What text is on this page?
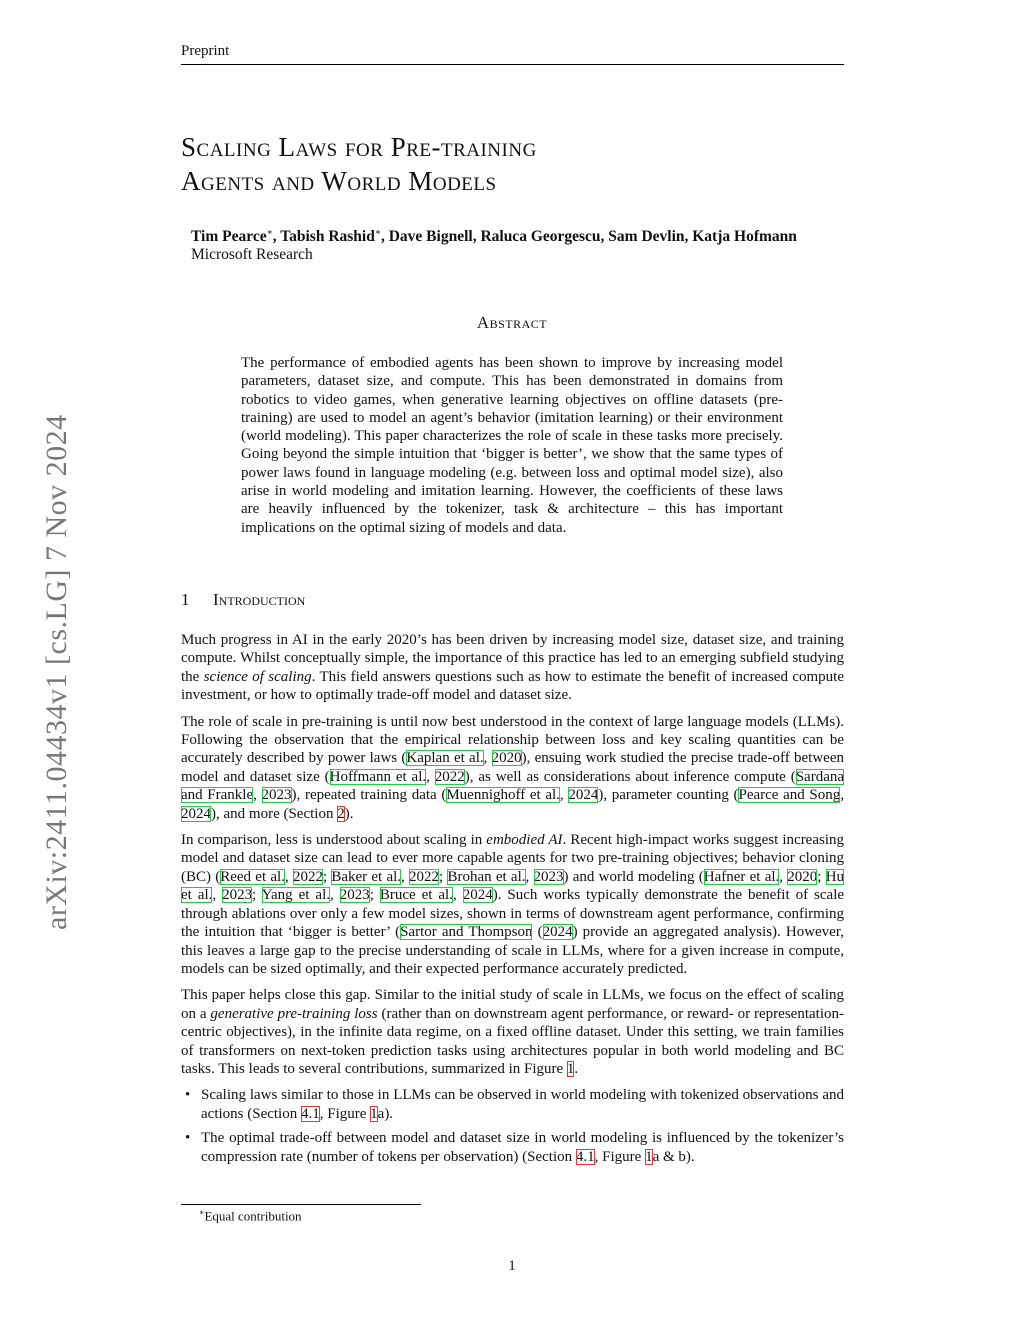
Preprint
arXiv:2411.04434v1 [cs.LG] 7 Nov 2024
Scaling Laws for Pre-training
Agents and World Models
Tim Pearce∗, Tabish Rashid∗, Dave Bignell, Raluca Georgescu, Sam Devlin, Katja Hofmann
Microsoft Research
Abstract
The performance of embodied agents has been shown to improve by increasing model parameters, dataset size, and compute. This has been demonstrated in domains from robotics to video games, when generative learning objectives on offline datasets (pre-training) are used to model an agent’s behavior (imitation learning) or their environment (world modeling). This paper characterizes the role of scale in these tasks more precisely. Going beyond the simple intuition that ‘bigger is better’, we show that the same types of power laws found in language modeling (e.g. between loss and optimal model size), also arise in world modeling and imitation learning. However, the coefficients of these laws are heavily influenced by the tokenizer, task & architecture – this has important implications on the optimal sizing of models and data.
1 Introduction

Much progress in AI in the early 2020’s has been driven by increasing model size, dataset size, and training compute. Whilst conceptually simple, the importance of this practice has led to an emerging subfield studying the science of scaling. This field answers questions such as how to estimate the benefit of increased compute investment, or how to optimally trade-off model and dataset size.

The role of scale in pre-training is until now best understood in the context of large language models (LLMs). Following the observation that the empirical relationship between loss and key scaling quantities can be accurately described by power laws (Kaplan et al., 2020), ensuing work studied the precise trade-off between model and dataset size (Hoffmann et al., 2022), as well as considerations about inference compute (Sardana and Frankle, 2023), repeated training data (Muennighoff et al., 2024), parameter counting (Pearce and Song, 2024), and more (Section 2).

In comparison, less is understood about scaling in embodied AI. Recent high-impact works suggest increasing model and dataset size can lead to ever more capable agents for two pre-training objectives; behavior cloning (BC) (Reed et al., 2022; Baker et al., 2022; Brohan et al., 2023) and world modeling (Hafner et al., 2020; Hu et al., 2023; Yang et al., 2023; Bruce et al., 2024). Such works typically demonstrate the benefit of scale through ablations over only a few model sizes, shown in terms of downstream agent performance, confirming the intuition that ‘bigger is better’ (Sartor and Thompson (2024) provide an aggregated analysis). However, this leaves a large gap to the precise understanding of scale in LLMs, where for a given increase in compute, models can be sized optimally, and their expected performance accurately predicted.

This paper helps close this gap. Similar to the initial study of scale in LLMs, we focus on the effect of scaling on a generative pre-training loss (rather than on downstream agent performance, or reward- or representation-centric objectives), in the infinite data regime, on a fixed offline dataset. Under this setting, we train families of transformers on next-token prediction tasks using architectures popular in both world modeling and BC tasks. This leads to several contributions, summarized in Figure 1.

• Scaling laws similar to those in LLMs can be observed in world modeling with tokenized observations and actions (Section 4.1, Figure 1a).
• The optimal trade-off between model and dataset size in world modeling is influenced by the tokenizer’s compression rate (number of tokens per observation) (Section 4.1, Figure 1a & b).
∗Equal contribution
1
